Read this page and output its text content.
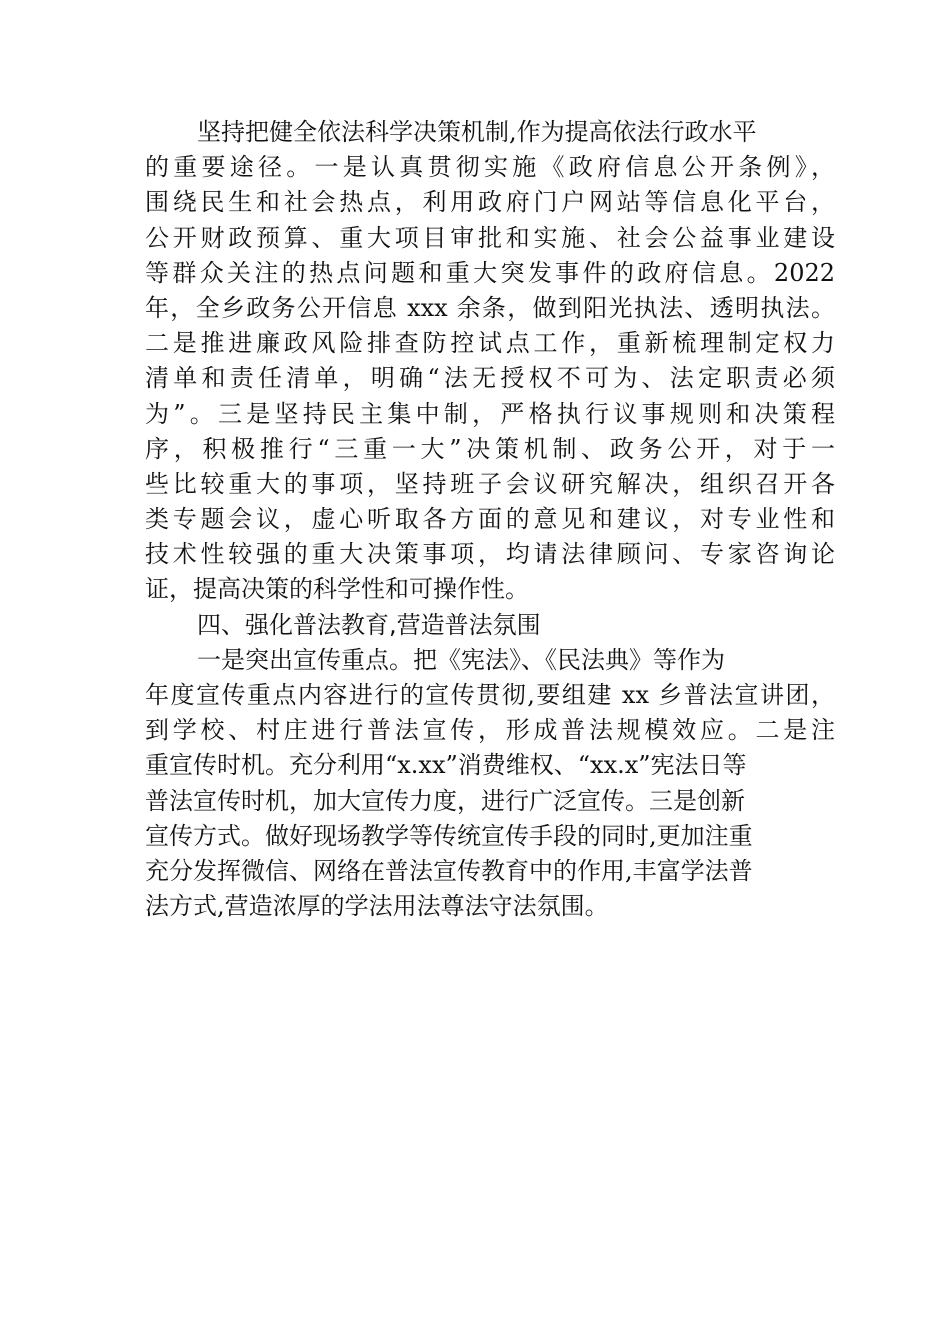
坚持把健全依法科学决策机制,作为提高依法行政水平
的重要途径。一是认真贯彻实施《政府信息公开条例》，
围绕民生和社会热点，利用政府门户网站等信息化平台，
公开财政预算、重大项目审批和实施、社会公益事业建设
等群众关注的热点问题和重大突发事件的政府信息。2022
年，全乡政务公开信息 xxx 余条，做到阳光执法、透明执法。
二是推进廉政风险排查防控试点工作，重新梳理制定权力
清单和责任清单，明确“法无授权不可为、法定职责必须
为”。三是坚持民主集中制，严格执行议事规则和决策程
序，积极推行“三重一大”决策机制、政务公开，对于一
些比较重大的事项，坚持班子会议研究解决，组织召开各
类专题会议，虚心听取各方面的意见和建议，对专业性和
技术性较强的重大决策事项，均请法律顾问、专家咨询论
证，提高决策的科学性和可操作性。
四、强化普法教育,营造普法氛围
一是突出宣传重点。把《宪法》、《民法典》等作为
年度宣传重点内容进行的宣传贯彻,要组建 xx 乡普法宣讲团，
到学校、村庄进行普法宣传，形成普法规模效应。二是注
重宣传时机。充分利用“x.xx”消费维权、“xx.x”宪法日等
普法宣传时机，加大宣传力度，进行广泛宣传。三是创新
宣传方式。做好现场教学等传统宣传手段的同时,更加注重
充分发挥微信、网络在普法宣传教育中的作用,丰富学法普
法方式,营造浓厚的学法用法尊法守法氛围。
